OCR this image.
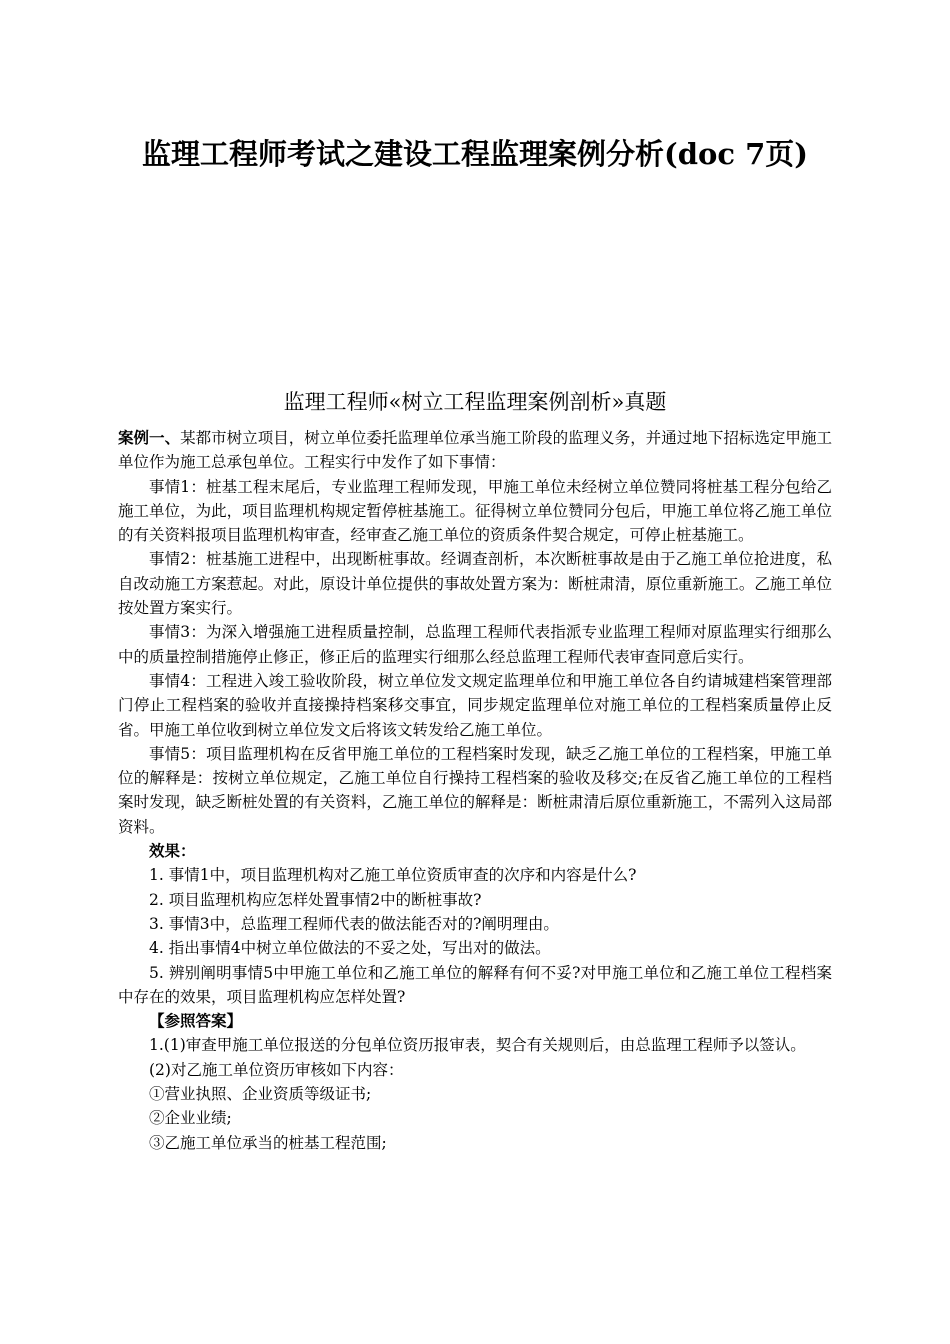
监理工程师考试之建设工程监理案例分析(doc 7页)
监理工程师«树立工程监理案例剖析»真题

案例一、某都市树立项目，树立单位委托监理单位承当施工阶段的监理义务，并通过地下招标选定甲施工单位作为施工总承包单位。工程实行中发作了如下事情：

事情1：桩基工程末尾后，专业监理工程师发现，甲施工单位未经树立单位赞同将桩基工程分包给乙施工单位，为此，项目监理机构规定暂停桩基施工。征得树立单位赞同分包后，甲施工单位将乙施工单位的有关资料报项目监理机构审查，经审查乙施工单位的资质条件契合规定，可停止桩基施工。

事情2：桩基施工进程中，出现断桩事故。经调查剖析，本次断桩事故是由于乙施工单位抢进度，私自改动施工方案惹起。对此，原设计单位提供的事故处置方案为：断桩肃清，原位重新施工。乙施工单位按处置方案实行。

事情3：为深入增强施工进程质量控制，总监理工程师代表指派专业监理工程师对原监理实行细那么中的质量控制措施停止修正，修正后的监理实行细那么经总监理工程师代表审查同意后实行。

事情4：工程进入竣工验收阶段，树立单位发文规定监理单位和甲施工单位各自约请城建档案管理部门停止工程档案的验收并直接操持档案移交事宜，同步规定监理单位对施工单位的工程档案质量停止反省。甲施工单位收到树立单位发文后将该文转发给乙施工单位。

事情5：项目监理机构在反省甲施工单位的工程档案时发现，缺乏乙施工单位的工程档案，甲施工单位的解释是：按树立单位规定，乙施工单位自行操持工程档案的验收及移交;在反省乙施工单位的工程档案时发现，缺乏断桩处置的有关资料，乙施工单位的解释是：断桩肃清后原位重新施工，不需列入这局部资料。

效果：

1. 事情1中，项目监理机构对乙施工单位资质审查的次序和内容是什么?

2. 项目监理机构应怎样处置事情2中的断桩事故?

3. 事情3中，总监理工程师代表的做法能否对的?阐明理由。

4. 指出事情4中树立单位做法的不妥之处，写出对的做法。

5. 辨别阐明事情5中甲施工单位和乙施工单位的解释有何不妥?对甲施工单位和乙施工单位工程档案中存在的效果，项目监理机构应怎样处置?

【参照答案】

1.(1)审查甲施工单位报送的分包单位资历报审表，契合有关规则后，由总监理工程师予以签认。

(2)对乙施工单位资历审核如下内容：

①营业执照、企业资质等级证书;

②企业业绩;

③乙施工单位承当的桩基工程范围;
